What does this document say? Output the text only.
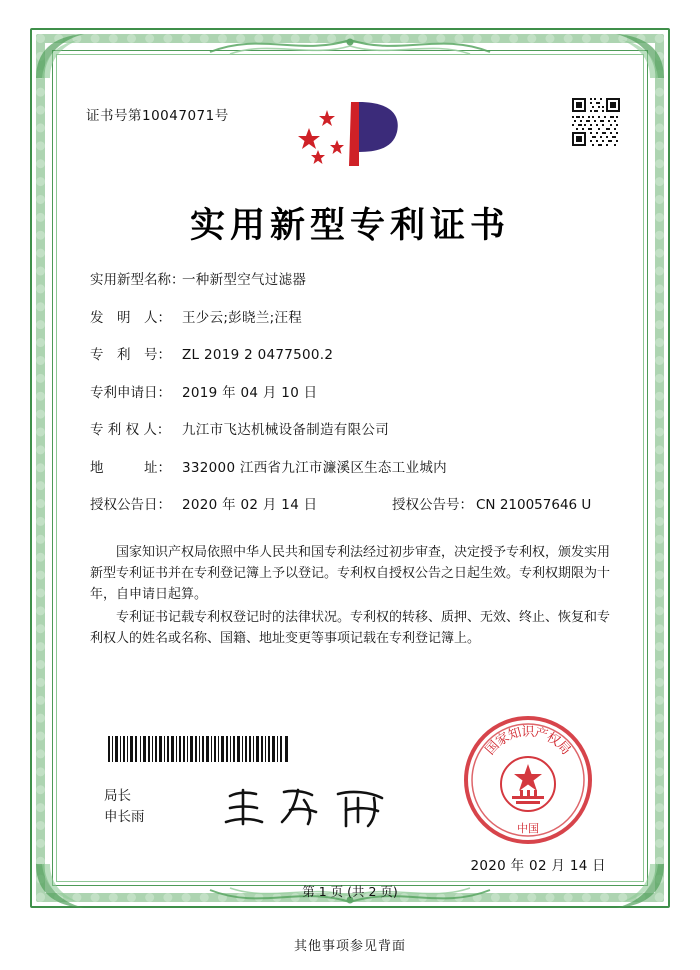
证书号第10047071号
实用新型专利证书
实用新型名称：
一种新型空气过滤器
发　明　人： 王少云;彭晓兰;汪程
专　利　号： ZL 2019 2 0477500.2
专利申请日： 2019 年 04 月 10 日
专 利 权 人： 九江市飞达机械设备制造有限公司
地　　　址： 332000 江西省九江市濂溪区生态工业城内
授权公告日： 2020 年 02 月 14 日	授权公告号： CN 210057646 U

国家知识产权局依照中华人民共和国专利法经过初步审查，决定授予专利权，颁发实用新型专利证书并在专利登记簿上予以登记。专利权自授权公告之日起生效。专利权期限为十年，自申请日起算。

专利证书记载专利权登记时的法律状况。专利权的转移、质押、无效、终止、恢复和专利权人的姓名或名称、国籍、地址变更等事项记载在专利登记簿上。

国
家
知
识
产
权
局
中国
局长
申长雨
2020 年 02 月 14 日
第 1 页 (共 2 页)
其他事项参见背面
